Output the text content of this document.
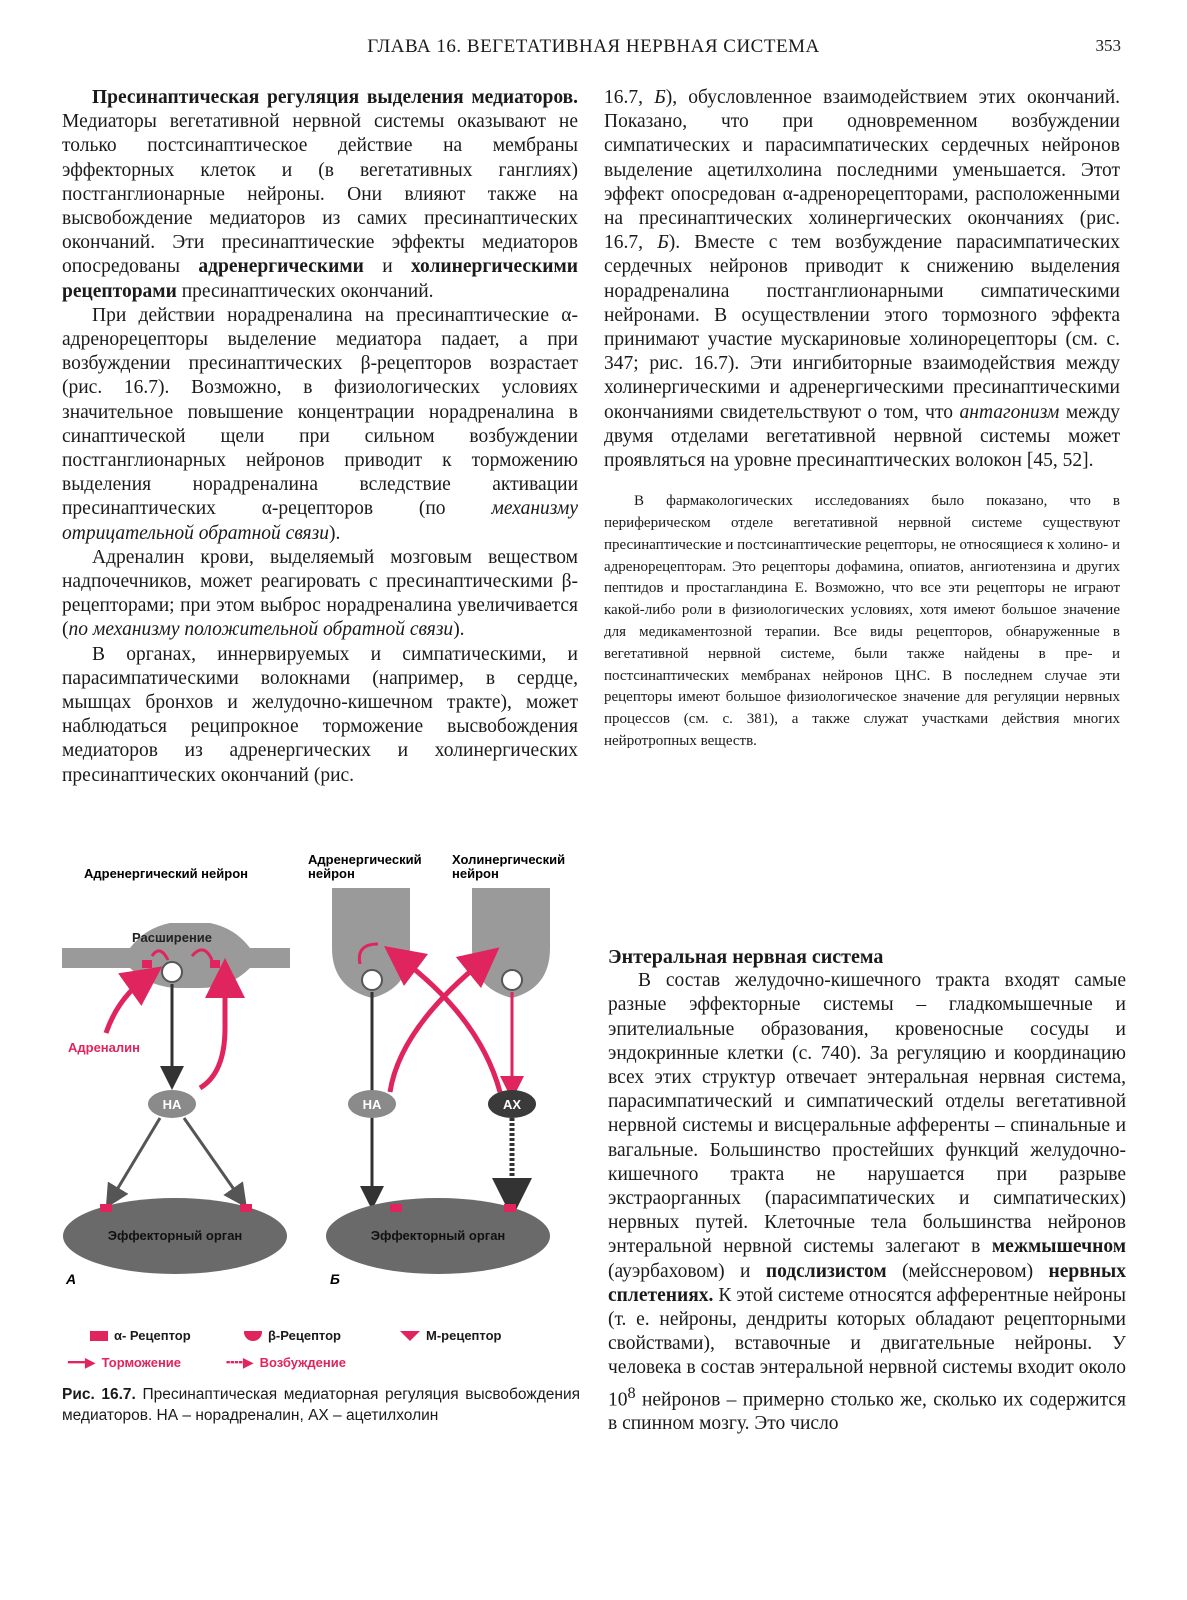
ГЛАВА 16. ВЕГЕТАТИВНАЯ НЕРВНАЯ СИСТЕМА	353

Пресинаптическая регуляция выделения медиаторов. Медиаторы вегетативной нервной системы оказывают не только постсинаптическое действие на мембраны эффекторных клеток и (в вегетативных ганглиях) постганглионарные нейроны. Они влияют также на высвобождение медиаторов из самих пресинаптических окончаний. Эти пресинаптические эффекты медиаторов опосредованы адренергическими и холинергическими рецепторами пресинаптических окончаний.

При действии норадреналина на пресинаптические α-адренорецепторы выделение медиатора падает, а при возбуждении пресинаптических β-рецепторов возрастает (рис. 16.7). Возможно, в физиологических условиях значительное повышение концентрации норадреналина в синаптической щели при сильном возбуждении постганглионарных нейронов приводит к торможению выделения норадреналина вследствие активации пресинаптических α-рецепторов (по механизму отрицательной обратной связи).

Адреналин крови, выделяемый мозговым веществом надпочечников, может реагировать с пресинаптическими β-рецепторами; при этом выброс норадреналина увеличивается (по механизму положительной обратной связи).

В органах, иннервируемых и симпатическими, и парасимпатическими волокнами (например, в сердце, мышцах бронхов и желудочно-кишечном тракте), может наблюдаться реципрокное торможение высвобождения медиаторов из адренергических и холинергических пресинаптических окончаний (рис.

16.7, Б), обусловленное взаимодействием этих окончаний. Показано, что при одновременном возбуждении симпатических и парасимпатических сердечных нейронов выделение ацетилхолина последними уменьшается. Этот эффект опосредован α-адренорецепторами, расположенными на пресинаптических холинергических окончаниях (рис. 16.7, Б). Вместе с тем возбуждение парасимпатических сердечных нейронов приводит к снижению выделения норадреналина постганглионарными симпатическими нейронами. В осуществлении этого тормозного эффекта принимают участие мускариновые холинорецепторы (см. с. 347; рис. 16.7). Эти ингибиторные взаимодействия между холинергическими и адренергическими пресинаптическими окончаниями свидетельствуют о том, что антагонизм между двумя отделами вегетативной нервной системы может проявляться на уровне пресинаптических волокон [45, 52].

В фармакологических исследованиях было показано, что в периферическом отделе вегетативной нервной системе существуют пресинаптические и постсинаптические рецепторы, не относящиеся к холино- и адренорецепторам. Это рецепторы дофамина, опиатов, ангиотензина и других пептидов и простагландина Е. Возможно, что все эти рецепторы не играют какой-либо роли в физиологических условиях, хотя имеют большое значение для медикаментозной терапии. Все виды рецепторов, обнаруженные в вегетативной нервной системе, были также найдены в пре- и постсинаптических мембранах нейронов ЦНС. В последнем случае эти рецепторы имеют большое физиологическое значение для регуляции нервных процессов (см. с. 381), а также служат участками действия многих нейротропных веществ.

Энтеральная нервная система

В состав желудочно-кишечного тракта входят самые разные эффекторные системы – гладкомышечные и эпителиальные образования, кровеносные сосуды и эндокринные клетки (с. 740). За регуляцию и координацию всех этих структур отвечает энтеральная нервная система, парасимпатический и симпатический отделы вегетативной нервной системы и висцеральные афференты – спинальные и вагальные. Большинство простейших функций желудочно-кишечного тракта не нарушается при разрыве экстраорганных (парасимпатических и симпатических) нервных путей. Клеточные тела большинства нейронов энтеральной нервной системы залегают в межмышечном (ауэрбаховом) и подслизистом (мейсснеровом) нервных сплетениях. К этой системе относятся афферентные нейроны (т. е. нейроны, дендриты которых обладают рецепторными свойствами), вставочные и двигательные нейроны. У человека в состав энтеральной нервной системы входит около $10^8$ нейронов – примерно столько же, сколько их содержится в спинном мозгу. Это число

Адренергический нейрон
Расширение
Адреналин
НА
Эффекторный орган
А
Адренергический
нейрон
Холинергический
нейрон
НА	АХ
Эффекторный орган
Б
α- Рецептор	β-Рецептор	М-рецептор
━━▶ Торможение	╍╍▶ Возбуждение
Рис. 16.7. Пресинаптическая медиаторная регуляция высвобождения медиаторов. НА – норадреналин, АХ – ацетилхолин
